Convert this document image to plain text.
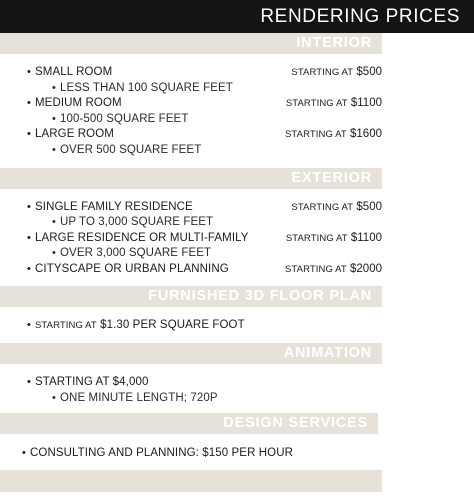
RENDERING PRICES
INTERIOR
• SMALL ROOM	STARTING AT $500
• LESS THAN 100 SQUARE FEET
• MEDIUM ROOM	STARTING AT $1100
• 100-500 SQUARE FEET
• LARGE ROOM	STARTING AT $1600
• OVER 500 SQUARE FEET
EXTERIOR
• SINGLE FAMILY RESIDENCE	STARTING AT $500
• UP TO 3,000 SQUARE FEET
• LARGE RESIDENCE OR MULTI-FAMILY	STARTING AT $1100
• OVER 3,000 SQUARE FEET
• CITYSCAPE OR URBAN PLANNING	STARTING AT $2000
FURNISHED 3D FLOOR PLAN
• STARTING AT $1.30 PER SQUARE FOOT
ANIMATION
• STARTING AT $4,000
• ONE MINUTE LENGTH; 720P
DESIGN SERVICES
• CONSULTING AND PLANNING: $150 PER HOUR
